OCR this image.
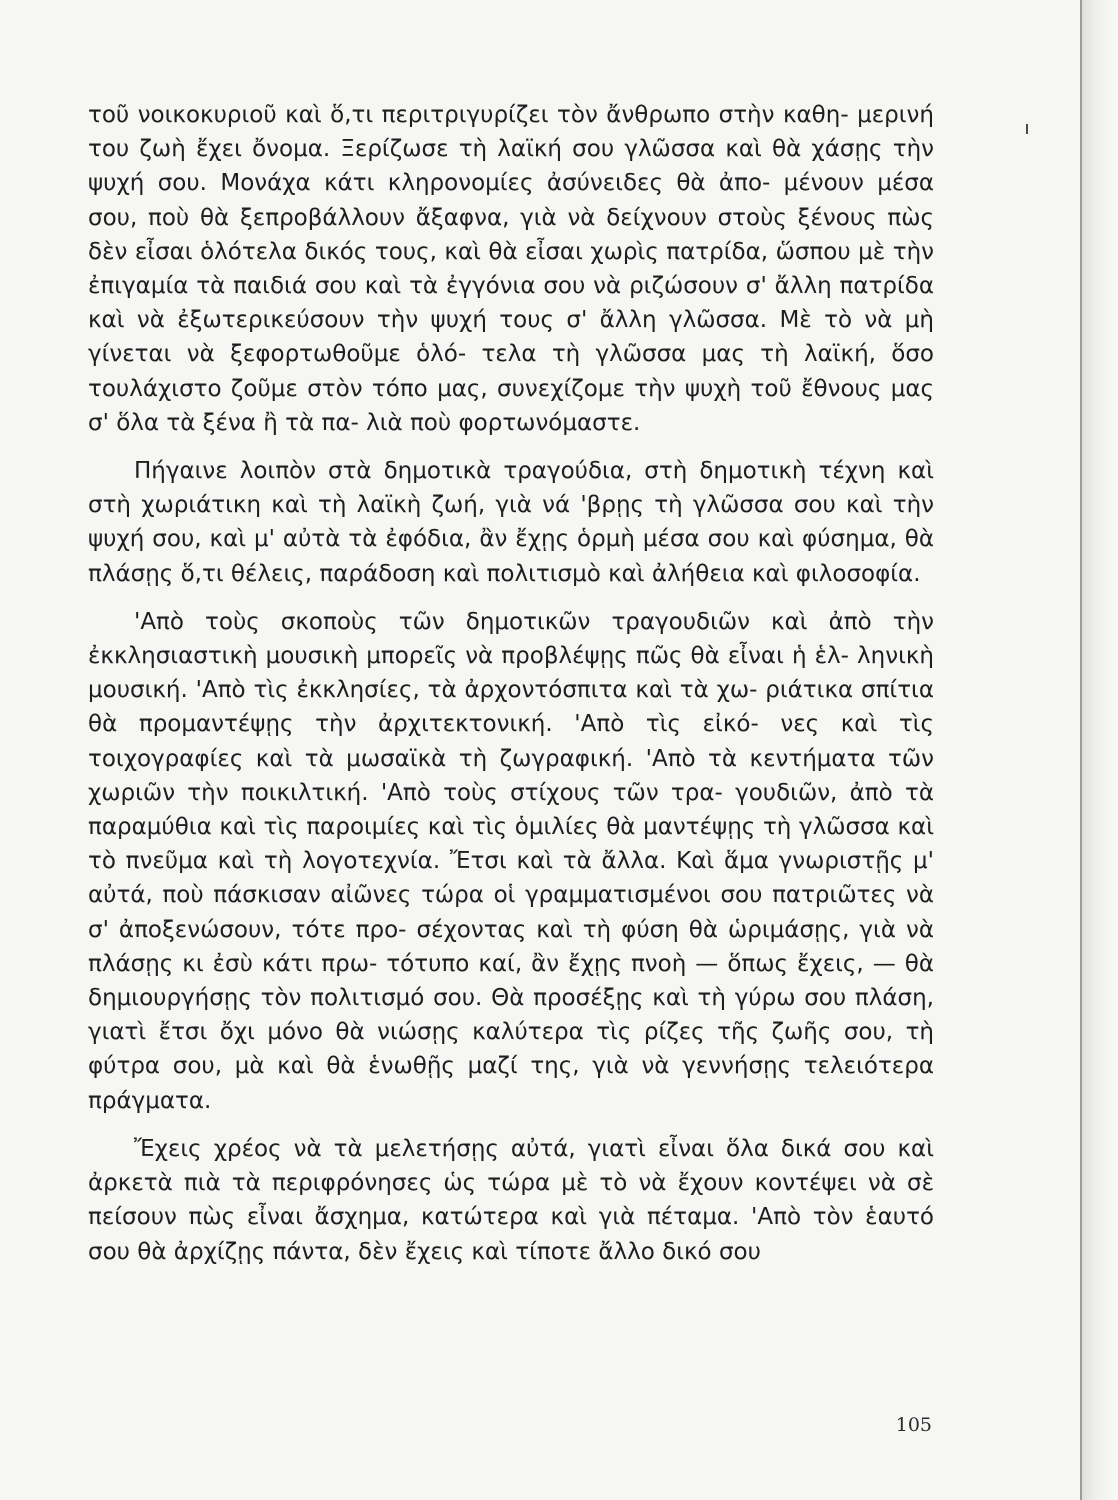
τοῦ νοικοκυριοῦ καὶ ὅ,τι περιτριγυρίζει τὸν ἄνθρωπο στὴν καθη- μερινή του ζωὴ ἔχει ὄνομα. Ξερίζωσε τὴ λαϊκή σου γλῶσσα καὶ θὰ χάσῃς τὴν ψυχή σου. Μονάχα κάτι κληρονομίες ἀσύνειδες θὰ ἀπο- μένουν μέσα σου, ποὺ θὰ ξεπροβάλλουν ἄξαφνα, γιὰ νὰ δείχνουν στοὺς ξένους πὼς δὲν εἶσαι ὁλότελα δικός τους, καὶ θὰ εἶσαι χωρὶς πατρίδα, ὥσπου μὲ τὴν ἐπιγαμία τὰ παιδιά σου καὶ τὰ ἐγγόνια σου νὰ ριζώσουν σ' ἄλλη πατρίδα καὶ νὰ ἐξωτερικεύσουν τὴν ψυχή τους σ' ἄλλη γλῶσσα. Μὲ τὸ νὰ μὴ γίνεται νὰ ξεφορτωθοῦμε ὁλό- τελα τὴ γλῶσσα μας τὴ λαϊκή, ὅσο τουλάχιστο ζοῦμε στὸν τόπο μας, συνεχίζομε τὴν ψυχὴ τοῦ ἔθνους μας σ' ὅλα τὰ ξένα ἢ τὰ πα- λιὰ ποὺ φορτωνόμαστε.

Πήγαινε λοιπὸν στὰ δημοτικὰ τραγούδια, στὴ δημοτικὴ τέχνη καὶ στὴ χωριάτικη καὶ τὴ λαϊκὴ ζωή, γιὰ νά 'βρῃς τὴ γλῶσσα σου καὶ τὴν ψυχή σου, καὶ μ' αὐτὰ τὰ ἐφόδια, ἂν ἔχῃς ὁρμὴ μέσα σου καὶ φύσημα, θὰ πλάσῃς ὅ,τι θέλεις, παράδοση καὶ πολιτισμὸ καὶ ἀλήθεια καὶ φιλοσοφία.

'Απὸ τοὺς σκοποὺς τῶν δημοτικῶν τραγουδιῶν καὶ ἀπὸ τὴν ἐκκλησιαστικὴ μουσικὴ μπορεῖς νὰ προβλέψῃς πῶς θὰ εἶναι ἡ ἑλ- ληνικὴ μουσική. 'Απὸ τὶς ἐκκλησίες, τὰ ἀρχοντόσπιτα καὶ τὰ χω- ριάτικα σπίτια θὰ προμαντέψῃς τὴν ἀρχιτεκτονική. 'Απὸ τὶς εἰκό- νες καὶ τὶς τοιχογραφίες καὶ τὰ μωσαϊκὰ τὴ ζωγραφική. 'Απὸ τὰ κεντήματα τῶν χωριῶν τὴν ποικιλτική. 'Απὸ τοὺς στίχους τῶν τρα- γουδιῶν, ἀπὸ τὰ παραμύθια καὶ τὶς παροιμίες καὶ τὶς ὁμιλίες θὰ μαντέψῃς τὴ γλῶσσα καὶ τὸ πνεῦμα καὶ τὴ λογοτεχνία. Ἔτσι καὶ τὰ ἄλλα. Καὶ ἅμα γνωριστῇς μ' αὐτά, ποὺ πάσκισαν αἰῶνες τώρα οἱ γραμματισμένοι σου πατριῶτες νὰ σ' ἀποξενώσουν, τότε προ- σέχοντας καὶ τὴ φύση θὰ ὡριμάσῃς, γιὰ νὰ πλάσῃς κι ἐσὺ κάτι πρω- τότυπο καί, ἂν ἔχῃς πνοὴ — ὅπως ἔχεις, — θὰ δημιουργήσῃς τὸν πολιτισμό σου. Θὰ προσέξῃς καὶ τὴ γύρω σου πλάση, γιατὶ ἔτσι ὄχι μόνο θὰ νιώσῃς καλύτερα τὶς ρίζες τῆς ζωῆς σου, τὴ φύτρα σου, μὰ καὶ θὰ ἑνωθῇς μαζί της, γιὰ νὰ γεννήσῃς τελειότερα πράγματα.

Ἔχεις χρέος νὰ τὰ μελετήσῃς αὐτά, γιατὶ εἶναι ὅλα δικά σου καὶ ἀρκετὰ πιὰ τὰ περιφρόνησες ὡς τώρα μὲ τὸ νὰ ἔχουν κοντέψει νὰ σὲ πείσουν πὼς εἶναι ἄσχημα, κατώτερα καὶ γιὰ πέταμα. 'Απὸ τὸν ἑαυτό σου θὰ ἀρχίζῃς πάντα, δὲν ἔχεις καὶ τίποτε ἄλλο δικό σου

105
